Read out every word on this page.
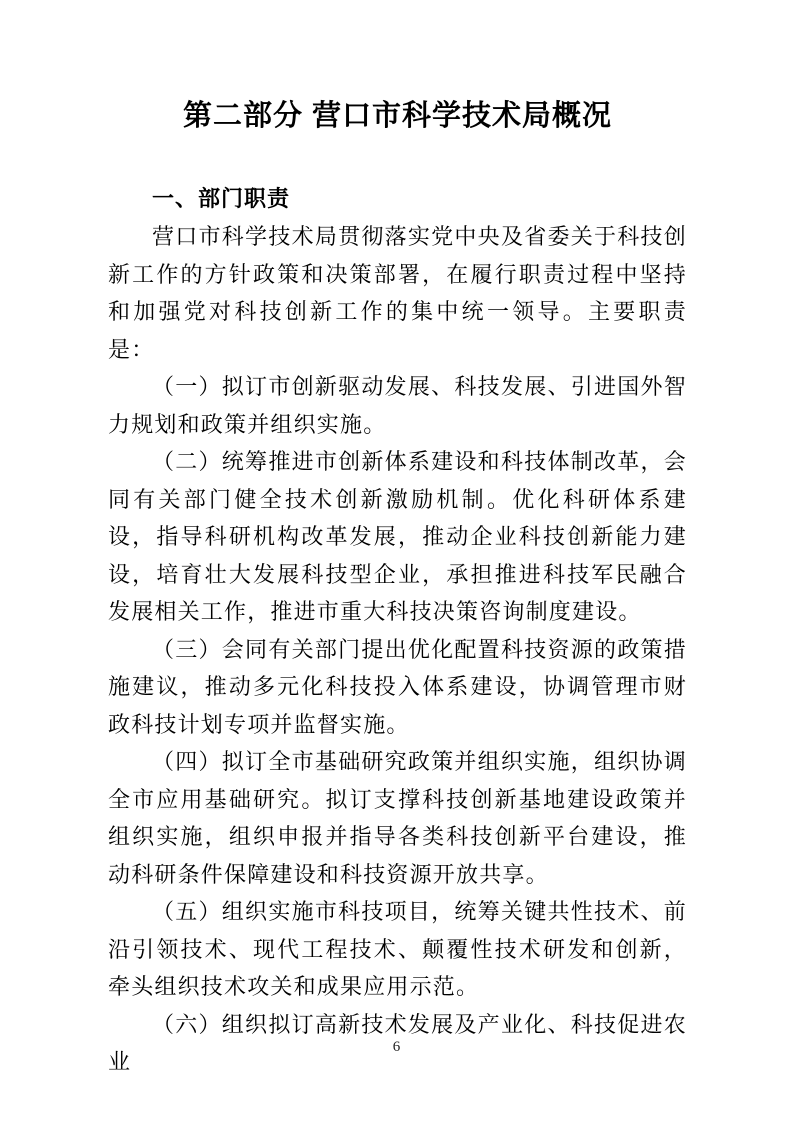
第二部分 营口市科学技术局概况
一、部门职责

营口市科学技术局贯彻落实党中央及省委关于科技创新工作的方针政策和决策部署，在履行职责过程中坚持和加强党对科技创新工作的集中统一领导。主要职责是：

（一）拟订市创新驱动发展、科技发展、引进国外智力规划和政策并组织实施。

（二）统筹推进市创新体系建设和科技体制改革，会同有关部门健全技术创新激励机制。优化科研体系建设，指导科研机构改革发展，推动企业科技创新能力建设，培育壮大发展科技型企业，承担推进科技军民融合发展相关工作，推进市重大科技决策咨询制度建设。

（三）会同有关部门提出优化配置科技资源的政策措施建议，推动多元化科技投入体系建设，协调管理市财政科技计划专项并监督实施。

（四）拟订全市基础研究政策并组织实施，组织协调全市应用基础研究。拟订支撑科技创新基地建设政策并组织实施，组织申报并指导各类科技创新平台建设，推动科研条件保障建设和科技资源开放共享。

（五）组织实施市科技项目，统筹关键共性技术、前沿引领技术、现代工程技术、颠覆性技术研发和创新，牵头组织技术攻关和成果应用示范。

（六）组织拟订高新技术发展及产业化、科技促进农业

6
